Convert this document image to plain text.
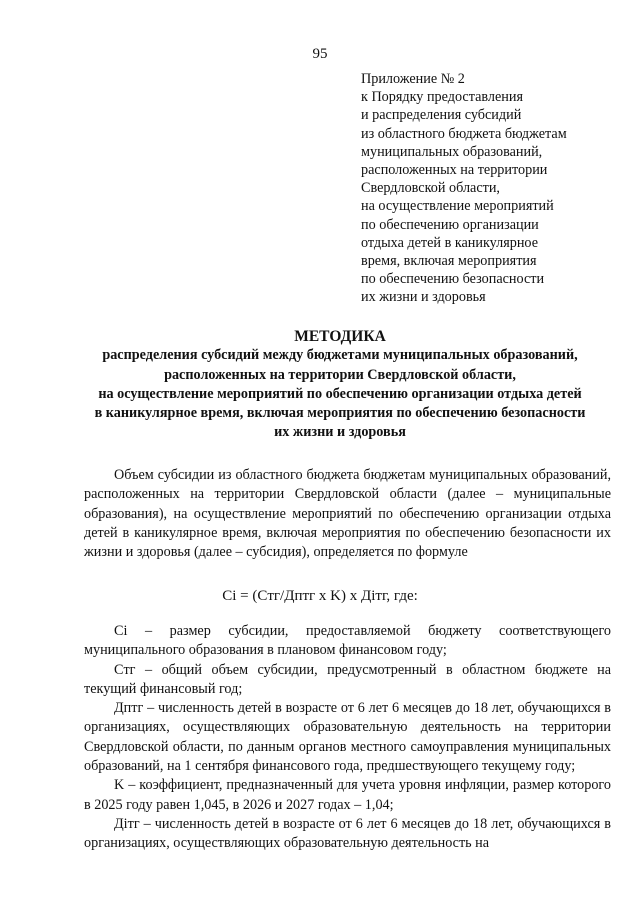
95
Приложение № 2
к Порядку предоставления
и распределения субсидий
из областного бюджета бюджетам
муниципальных образований,
расположенных на территории
Свердловской области,
на осуществление мероприятий
по обеспечению организации
отдыха детей в каникулярное
время, включая мероприятия
по обеспечению безопасности
их жизни и здоровья
МЕТОДИКА
распределения субсидий между бюджетами муниципальных образований,
расположенных на территории Свердловской области,
на осуществление мероприятий по обеспечению организации отдыха детей
в каникулярное время, включая мероприятия по обеспечению безопасности
их жизни и здоровья

Объем субсидии из областного бюджета бюджетам муниципальных образований, расположенных на территории Свердловской области (далее – муниципальные образования), на осуществление мероприятий по обеспечению организации отдыха детей в каникулярное время, включая мероприятия по обеспечению безопасности их жизни и здоровья (далее – субсидия), определяется по формуле

Ci = (Cтг/Дптг x K) x Дітг, где:

Ci – размер субсидии, предоставляемой бюджету соответствующего муниципального образования в плановом финансовом году;

Cтг – общий объем субсидии, предусмотренный в областном бюджете на текущий финансовый год;

Дптг – численность детей в возрасте от 6 лет 6 месяцев до 18 лет, обучающихся в организациях, осуществляющих образовательную деятельность на территории Свердловской области, по данным органов местного самоуправления муниципальных образований, на 1 сентября финансового года, предшествующего текущему году;

K – коэффициент, предназначенный для учета уровня инфляции, размер которого в 2025 году равен 1,045, в 2026 и 2027 годах – 1,04;

Дітг – численность детей в возрасте от 6 лет 6 месяцев до 18 лет, обучающихся в организациях, осуществляющих образовательную деятельность на
